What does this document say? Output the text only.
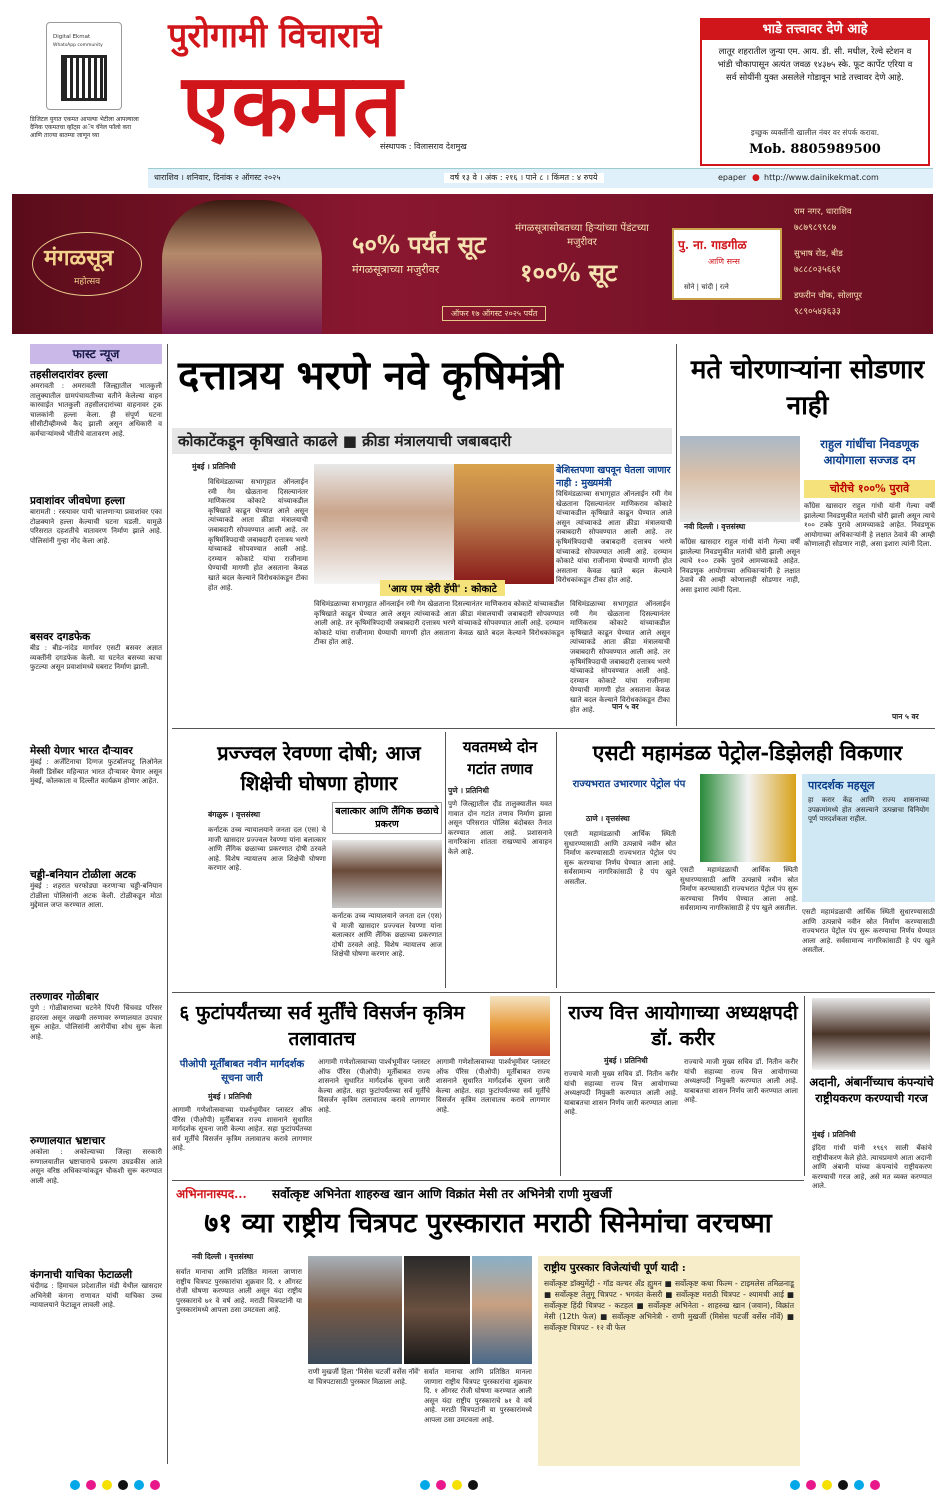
Digital Ekmat
WhatsApp community
डिजिटल युगात एकमत आपल्या भेटीला आपल्याला दैनिक एकमतचा व्हॉट्स अॅप चॅनेल फॉलो करा आणि ताज्या बातम्या जाणून घ्या
पुरोगामी विचाराचे
एकमत
संस्थापक : विलासराव देशमुख
भाडे तत्त्वावर देणे आहे
लातूर शहरातील जुन्या एम. आय. डी. सी. मधील, रेल्वे स्टेशन व भांडी चौकापासून अत्यंत जवळ १४३७५ स्के. फूट कार्पेट एरिया व सर्व सोयींनी युक्त असलेले गोडावून भाडे तत्त्वावर देणे आहे.
इच्छुक व्यक्तींनी खालील नंबर वर संपर्क करावा.
Mob. 8805989500
धाराशिव । शनिवार, दिनांक २ ऑगस्ट २०२५	वर्ष १३ वे । अंक : २१६ । पाने ८ । किंमत : ४ रुपये	epaper ● http://www.dainikekmat.com
मंगळसूत्र
महोत्सव
५०% पर्यंत सूट
मंगळसूत्राच्या मजुरीवर
मंगळसूत्रासोबतच्या हिऱ्यांच्या पेंडंटच्या मजुरीवर
१००% सूट
ऑफर १७ ऑगस्ट २०२५ पर्यंत
पु. ना. गाडगीळ
आणि सन्स
सोने | चांदी | रत्ने
राम नगर, धाराशिव
७८७९८९९८७
सुभाष रोड, बीड
७८८८०३५६६१
डफरीन चौक, सोलापूर
९८९०५४३६३३
फास्ट न्यूज
तहसीलदारांवर हल्ला
अमरावती : अमरावती जिल्ह्यातील भातकुली तालुक्यातील ग्रामपंचायतीच्या वतीने केलेल्या वाहन कारवाईत भातकुली तहसीलदारांच्या वाहनावर ट्रक चालकांनी हल्ला केला. ही संपूर्ण घटना सीसीटीव्हीमध्ये कैद झाली असून अधिकारी व कर्मचाऱ्यांमध्ये भीतीचे वातावरण आहे.
प्रवाशांवर जीवघेणा हल्ला
बारामती : रस्त्यावर पायी चालणाऱ्या प्रवाशांवर एका टोळक्याने हल्ला केल्याची घटना घडली. यामुळे परिसरात दहशतीचे वातावरण निर्माण झाले आहे. पोलिसांनी गुन्हा नोंद केला आहे.
बसवर दगडफेक
बीड : बीड-नांदेड मार्गावर एसटी बसवर अज्ञात व्यक्तींनी दगडफेक केली. या घटनेत बसच्या काचा फुटल्या असून प्रवाशांमध्ये घबराट निर्माण झाली.
मेस्सी येणार भारत दौऱ्यावर
मुंबई : अर्जेंटिनाचा दिग्गज फुटबॉलपटू लिओनेल मेस्सी डिसेंबर महिन्यात भारत दौऱ्यावर येणार असून मुंबई, कोलकाता व दिल्लीत कार्यक्रम होणार आहेत.
चड्डी-बनियान टोळीला अटक
मुंबई : शहरात घरफोड्या करणाऱ्या चड्डी-बनियान टोळीला पोलिसांनी अटक केली. टोळीकडून मोठा मुद्देमाल जप्त करण्यात आला.
तरुणावर गोळीबार
पुणे : गोळीबाराच्या घटनेने पिंपरी चिंचवड परिसर हादरला असून जखमी तरुणावर रुग्णालयात उपचार सुरू आहेत. पोलिसांनी आरोपींचा शोध सुरू केला आहे.
रुग्णालयात भ्रष्टाचार
अकोला : अकोल्याच्या जिल्हा सरकारी रुग्णालयातील भ्रष्टाचाराचे प्रकरण उघडकीस आले असून वरिष्ठ अधिकाऱ्यांकडून चौकशी सुरू करण्यात आली आहे.
कंगनाची याचिका फेटाळली
चंदीगढ : हिमाचल प्रदेशातील मंडी येथील खासदार अभिनेत्री कंगना राणावत यांची याचिका उच्च न्यायालयाने फेटाळून लावली आहे.
दत्तात्रय भरणे नवे कृषिमंत्री
कोकाटेंकडून कृषिखाते काढले ■ क्रीडा मंत्रालयाची जबाबदारी
मुंबई । प्रतिनिधी
विधिमंडळाच्या सभागृहात ऑनलाईन रमी गेम खेळताना दिसल्यानंतर माणिकराव कोकाटे यांच्याकडील कृषिखाते काढून घेण्यात आले असून त्यांच्याकडे आता क्रीडा मंत्रालयाची जबाबदारी सोपवण्यात आली आहे. तर कृषिमंत्रिपदाची जबाबदारी दत्तात्रय भरणे यांच्याकडे सोपवण्यात आली आहे. दरम्यान कोकाटे यांचा राजीनामा घेण्याची मागणी होत असताना केवळ खाते बदल केल्याने विरोधकांकडून टीका होत आहे.	'आय एम व्हेरी हॅपी' : कोकाटे
बेशिस्तपणा खपवून घेतला जाणार नाही : मुख्यमंत्री
विधिमंडळाच्या सभागृहात ऑनलाईन रमी गेम खेळताना दिसल्यानंतर माणिकराव कोकाटे यांच्याकडील कृषिखाते काढून घेण्यात आले असून त्यांच्याकडे आता क्रीडा मंत्रालयाची जबाबदारी सोपवण्यात आली आहे. तर कृषिमंत्रिपदाची जबाबदारी दत्तात्रय भरणे यांच्याकडे सोपवण्यात आली आहे. दरम्यान कोकाटे यांचा राजीनामा घेण्याची मागणी होत असताना केवळ खाते बदल केल्याने विरोधकांकडून टीका होत आहे.
विधिमंडळाच्या सभागृहात ऑनलाईन रमी गेम खेळताना दिसल्यानंतर माणिकराव कोकाटे यांच्याकडील कृषिखाते काढून घेण्यात आले असून त्यांच्याकडे आता क्रीडा मंत्रालयाची जबाबदारी सोपवण्यात आली आहे. तर कृषिमंत्रिपदाची जबाबदारी दत्तात्रय भरणे यांच्याकडे सोपवण्यात आली आहे. दरम्यान कोकाटे यांचा राजीनामा घेण्याची मागणी होत असताना केवळ खाते बदल केल्याने विरोधकांकडून टीका होत आहे.
विधिमंडळाच्या सभागृहात ऑनलाईन रमी गेम खेळताना दिसल्यानंतर माणिकराव कोकाटे यांच्याकडील कृषिखाते काढून घेण्यात आले असून त्यांच्याकडे आता क्रीडा मंत्रालयाची जबाबदारी सोपवण्यात आली आहे. तर कृषिमंत्रिपदाची जबाबदारी दत्तात्रय भरणे यांच्याकडे सोपवण्यात आली आहे. दरम्यान कोकाटे यांचा राजीनामा घेण्याची मागणी होत असताना केवळ खाते बदल केल्याने विरोधकांकडून टीका होत आहे.	पान ५ वर
मते चोरणाऱ्यांना सोडणार नाही
नवी दिल्ली । वृत्तसंस्था
राहुल गांधींचा निवडणूक आयोगाला सज्जड दम
चोरीचे १००% पुरावे
काँग्रेस खासदार राहुल गांधी यांनी गेल्या वर्षी झालेल्या निवडणुकीत मतांची चोरी झाली असून त्याचे १०० टक्के पुरावे आमच्याकडे आहेत. निवडणूक आयोगाच्या अधिकाऱ्यांनी हे लक्षात ठेवावे की आम्ही कोणालाही सोडणार नाही, असा इशारा त्यांनी दिला.
काँग्रेस खासदार राहुल गांधी यांनी गेल्या वर्षी झालेल्या निवडणुकीत मतांची चोरी झाली असून त्याचे १०० टक्के पुरावे आमच्याकडे आहेत. निवडणूक आयोगाच्या अधिकाऱ्यांनी हे लक्षात ठेवावे की आम्ही कोणालाही सोडणार नाही, असा इशारा त्यांनी दिला.
पान ५ वर
प्रज्ज्वल रेवण्णा दोषी; आज शिक्षेची घोषणा होणार
बंगळुरू । वृत्तसंस्था	बलात्कार आणि लैंगिक छळाचे प्रकरण
कर्नाटक उच्च न्यायालयाने जनता दल (एस) चे माजी खासदार प्रज्ज्वल रेवण्णा यांना बलात्कार आणि लैंगिक छळाच्या प्रकरणात दोषी ठरवले आहे. विशेष न्यायालय आज शिक्षेची घोषणा करणार आहे.
कर्नाटक उच्च न्यायालयाने जनता दल (एस) चे माजी खासदार प्रज्ज्वल रेवण्णा यांना बलात्कार आणि लैंगिक छळाच्या प्रकरणात दोषी ठरवले आहे. विशेष न्यायालय आज शिक्षेची घोषणा करणार आहे.
यवतमध्ये दोन गटांत तणाव
पुणे । प्रतिनिधी
पुणे जिल्ह्यातील दौंड तालुक्यातील यवत गावात दोन गटांत तणाव निर्माण झाला असून परिसरात पोलिस बंदोबस्त तैनात करण्यात आला आहे. प्रशासनाने नागरिकांना शांतता राखण्याचे आवाहन केले आहे.
एसटी महामंडळ पेट्रोल-डिझेलही विकणार
राज्यभरात उभारणार पेट्रोल पंप
ठाणे । वृत्तसंस्था
एसटी महामंडळाची आर्थिक स्थिती सुधारण्यासाठी आणि उत्पन्नाचे नवीन स्रोत निर्माण करण्यासाठी राज्यभरात पेट्रोल पंप सुरू करण्याचा निर्णय घेण्यात आला आहे. सर्वसामान्य नागरिकांसाठी हे पंप खुले असतील.
एसटी महामंडळाची आर्थिक स्थिती सुधारण्यासाठी आणि उत्पन्नाचे नवीन स्रोत निर्माण करण्यासाठी राज्यभरात पेट्रोल पंप सुरू करण्याचा निर्णय घेण्यात आला आहे. सर्वसामान्य नागरिकांसाठी हे पंप खुले असतील.
पारदर्शक महसूल
हा करार केंद्र आणि राज्य शासनाच्या उपक्रमांमध्ये होत असल्याने उत्पन्नाचा विनियोग पूर्ण पारदर्शकता राहील.
एसटी महामंडळाची आर्थिक स्थिती सुधारण्यासाठी आणि उत्पन्नाचे नवीन स्रोत निर्माण करण्यासाठी राज्यभरात पेट्रोल पंप सुरू करण्याचा निर्णय घेण्यात आला आहे. सर्वसामान्य नागरिकांसाठी हे पंप खुले असतील.
६ फुटांपर्यंतच्या सर्व मुर्तींचे विसर्जन कृत्रिम तलावातच
पीओपी मूर्तींबाबत नवीन मार्गदर्शक सूचना जारी
मुंबई । प्रतिनिधी
आगामी गणेशोत्सवाच्या पार्श्वभूमीवर प्लास्टर ऑफ पॅरिस (पीओपी) मूर्तीबाबत राज्य शासनाने सुधारित मार्गदर्शक सूचना जारी केल्या आहेत. सहा फुटांपर्यंतच्या सर्व मूर्तींचे विसर्जन कृत्रिम तलावातच करावे लागणार आहे.
आगामी गणेशोत्सवाच्या पार्श्वभूमीवर प्लास्टर ऑफ पॅरिस (पीओपी) मूर्तीबाबत राज्य शासनाने सुधारित मार्गदर्शक सूचना जारी केल्या आहेत. सहा फुटांपर्यंतच्या सर्व मूर्तींचे विसर्जन कृत्रिम तलावातच करावे लागणार आहे.
आगामी गणेशोत्सवाच्या पार्श्वभूमीवर प्लास्टर ऑफ पॅरिस (पीओपी) मूर्तीबाबत राज्य शासनाने सुधारित मार्गदर्शक सूचना जारी केल्या आहेत. सहा फुटांपर्यंतच्या सर्व मूर्तींचे विसर्जन कृत्रिम तलावातच करावे लागणार आहे.
राज्य वित्त आयोगाच्या अध्यक्षपदी डॉ. करीर
मुंबई । प्रतिनिधी
राज्याचे माजी मुख्य सचिव डॉ. नितीन करीर यांची सहाव्या राज्य वित्त आयोगाच्या अध्यक्षपदी नियुक्ती करण्यात आली आहे. याबाबतचा शासन निर्णय जारी करण्यात आला आहे.
राज्याचे माजी मुख्य सचिव डॉ. नितीन करीर यांची सहाव्या राज्य वित्त आयोगाच्या अध्यक्षपदी नियुक्ती करण्यात आली आहे. याबाबतचा शासन निर्णय जारी करण्यात आला आहे.
अदानी, अंबानींच्याच कंपन्यांचे राष्ट्रीयकरण करण्याची गरज
मुंबई । प्रतिनिधी
इंदिरा गांधी यांनी १९६९ साली बँकांचे राष्ट्रीयीकरण केले होते. त्याचप्रमाणे आता अदानी आणि अंबानी यांच्या कंपन्यांचे राष्ट्रीयकरण करण्याची गरज आहे, असे मत व्यक्त करण्यात आले.
अभिनानास्पद... सर्वोत्कृष्ट अभिनेता शाहरुख खान आणि विक्रांत मेसी तर अभिनेत्री राणी मुखर्जी
७१ व्या राष्ट्रीय चित्रपट पुरस्कारात मराठी सिनेमांचा वरचष्मा
नवी दिल्ली । वृत्तसंस्था
सर्वात मानाचा आणि प्रतिष्ठित मानला जाणारा राष्ट्रीय चित्रपट पुरस्कारांचा शुक्रवार दि. १ ऑगस्ट रोजी घोषणा करण्यात आली असून यंदा राष्ट्रीय पुरस्काराचे ७१ वे वर्ष आहे. मराठी चित्रपटांनी या पुरस्कारांमध्ये आपला ठसा उमटवला आहे.
राणी मुखर्जी हिला 'मिसेस चटर्जी वर्सेस नॉर्वे' या चित्रपटासाठी पुरस्कार मिळाला आहे.
सर्वात मानाचा आणि प्रतिष्ठित मानला जाणारा राष्ट्रीय चित्रपट पुरस्कारांचा शुक्रवार दि. १ ऑगस्ट रोजी घोषणा करण्यात आली असून यंदा राष्ट्रीय पुरस्काराचे ७१ वे वर्ष आहे. मराठी चित्रपटांनी या पुरस्कारांमध्ये आपला ठसा उमटवला आहे.
राष्ट्रीय पुरस्कार विजेत्यांची पूर्ण यादी :
सर्वोत्कृष्ट डॉक्युमेंट्री - गॉड वल्चर अँड ह्युमन ■ सर्वोत्कृष्ट कथा फिल्म - टाइमलेस तमिळनाडू ■ सर्वोत्कृष्ट तेलुगू चित्रपट - भगवंत केसरी ■ सर्वोत्कृष्ट मराठी चित्रपट - श्यामची आई ■ सर्वोत्कृष्ट हिंदी चित्रपट - कटहल ■ सर्वोत्कृष्ट अभिनेता - शाहरुख खान (जवान), विक्रांत मेसी (12th फेल) ■ सर्वोत्कृष्ट अभिनेत्री - राणी मुखर्जी (मिसेस चटर्जी वर्सेस नॉर्वे) ■ सर्वोत्कृष्ट चित्रपट - १२ वी फेल
